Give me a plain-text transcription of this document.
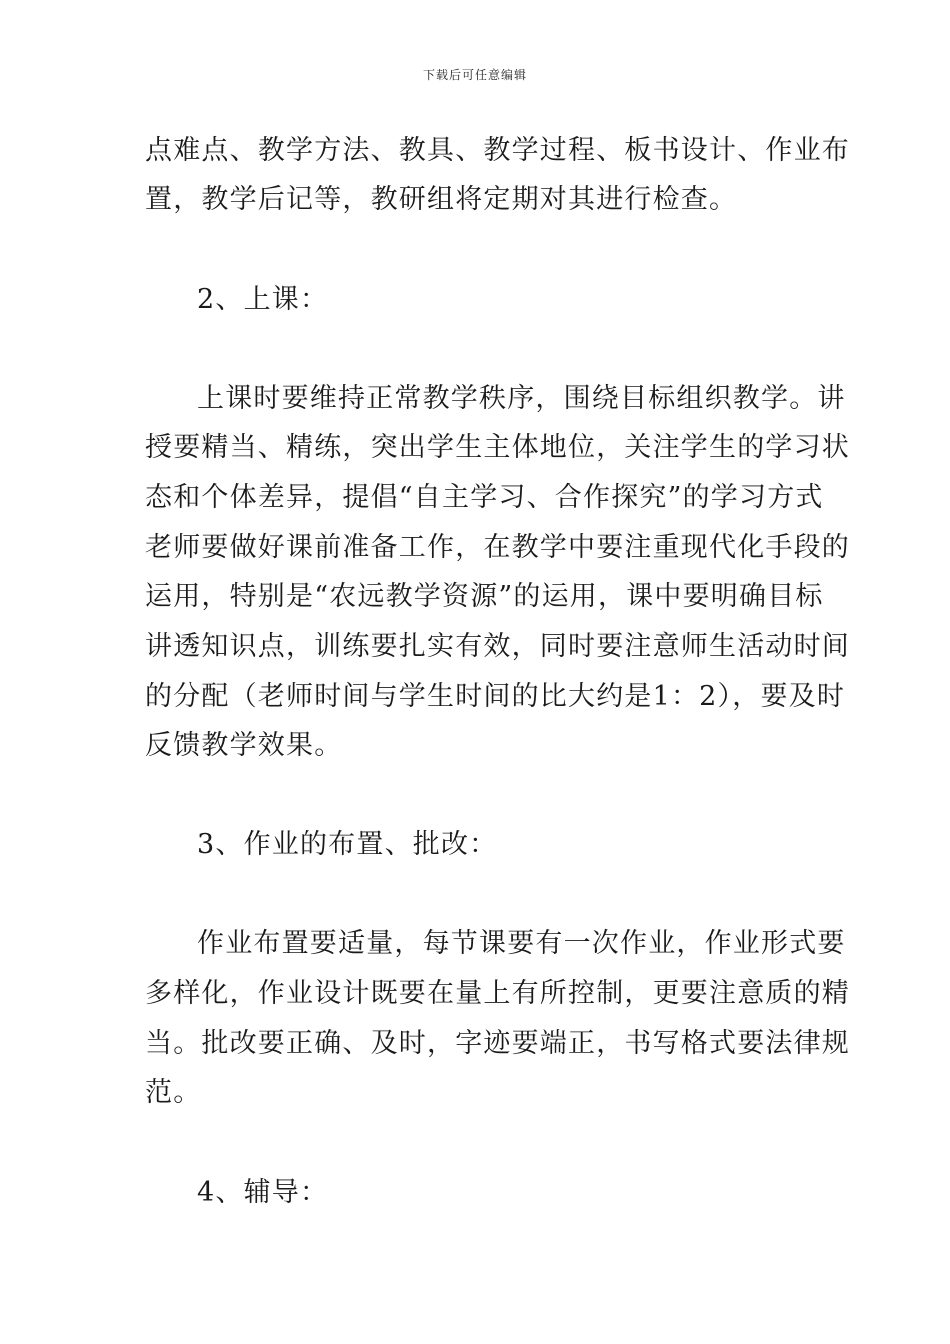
下载后可任意编辑
点难点、教学方法、教具、教学过程、板书设计、作业布
置，教学后记等，教研组将定期对其进行检查。
2、上课：
上课时要维持正常教学秩序，围绕目标组织教学。讲
授要精当、精练，突出学生主体地位，关注学生的学习状
态和个体差异，提倡“自主学习、合作探究”的学习方式
老师要做好课前准备工作，在教学中要注重现代化手段的
运用，特别是“农远教学资源”的运用，课中要明确目标
讲透知识点，训练要扎实有效，同时要注意师生活动时间
的分配（老师时间与学生时间的比大约是1：2），要及时
反馈教学效果。
3、作业的布置、批改：
作业布置要适量，每节课要有一次作业，作业形式要
多样化，作业设计既要在量上有所控制，更要注意质的精
当。批改要正确、及时，字迹要端正，书写格式要法律规
范。
4、辅导：
